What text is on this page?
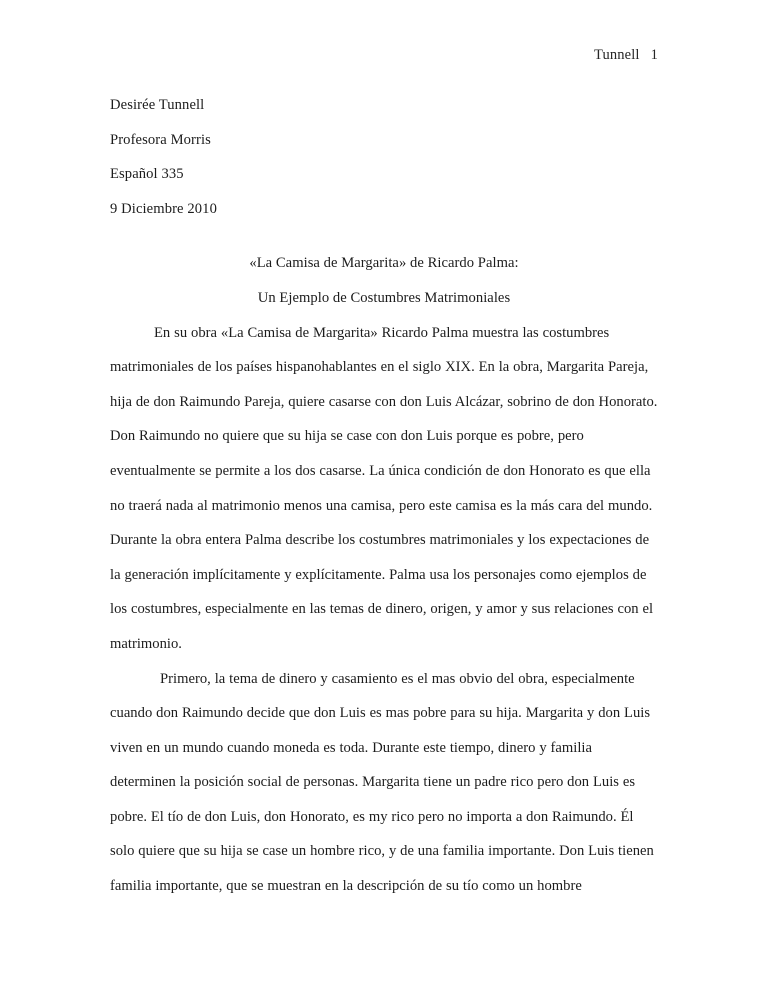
Tunnell 1
Desirée Tunnell
Profesora Morris
Español 335
9 Diciembre 2010
«La Camisa de Margarita» de Ricardo Palma:
Un Ejemplo de Costumbres Matrimoniales

En su obra «La Camisa de Margarita» Ricardo Palma muestra las costumbres matrimoniales de los países hispanohablantes en el siglo XIX. En la obra, Margarita Pareja, hija de don Raimundo Pareja, quiere casarse con don Luis Alcázar, sobrino de don Honorato. Don Raimundo no quiere que su hija se case con don Luis porque es pobre, pero eventualmente se permite a los dos casarse. La única condición de don Honorato es que ella no traerá nada al matrimonio menos una camisa, pero este camisa es la más cara del mundo. Durante la obra entera Palma describe los costumbres matrimoniales y los expectaciones de la generación implícitamente y explícitamente. Palma usa los personajes como ejemplos de los costumbres, especialmente en las temas de dinero, origen, y amor y sus relaciones con el matrimonio.

Primero, la tema de dinero y casamiento es el mas obvio del obra, especialmente cuando don Raimundo decide que don Luis es mas pobre para su hija. Margarita y don Luis viven en un mundo cuando moneda es toda. Durante este tiempo, dinero y familia determinen la posición social de personas. Margarita tiene un padre rico pero don Luis es pobre. El tío de don Luis, don Honorato, es my rico pero no importa a don Raimundo. Él solo quiere que su hija se case un hombre rico, y de una familia importante. Don Luis tienen familia importante, que se muestran en la descripción de su tío como un hombre
